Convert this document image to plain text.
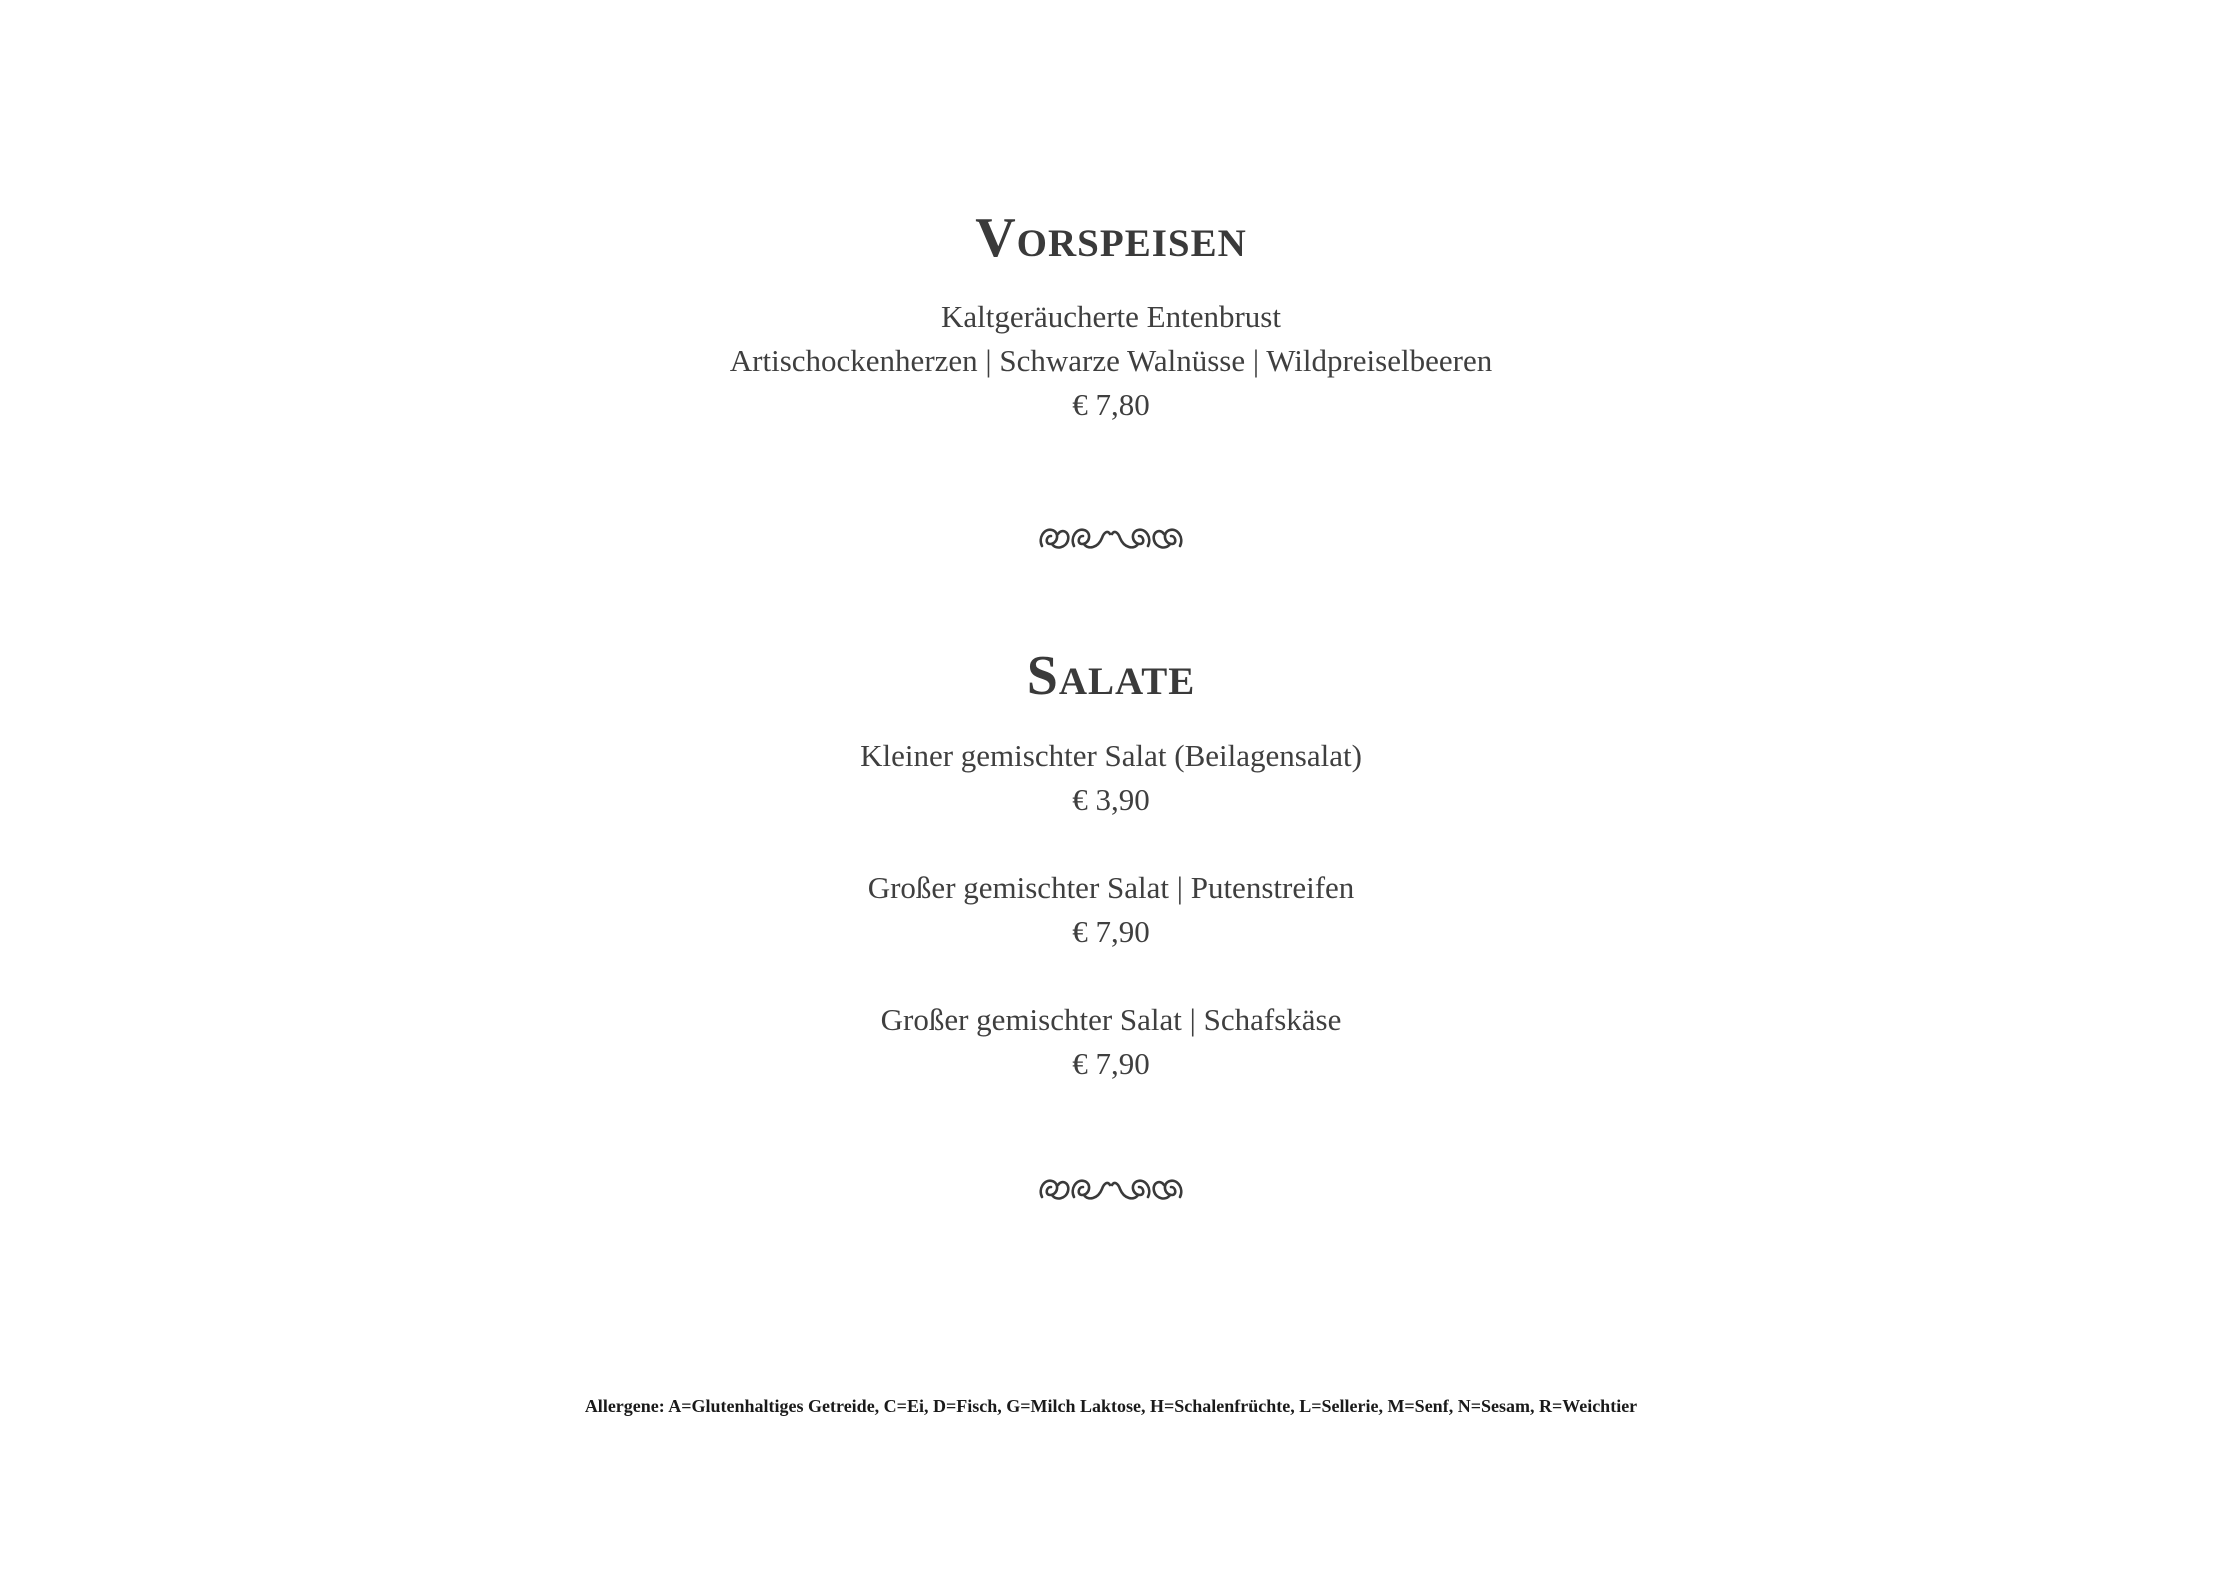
Vorspeisen

Kaltgeräucherte Entenbrust

Artischockenherzen | Schwarze Walnüsse | Wildpreiselbeeren

€ 7,80

Salate

Kleiner gemischter Salat (Beilagensalat)

€ 3,90

Großer gemischter Salat | Putenstreifen

€ 7,90

Großer gemischter Salat | Schafskäse

€ 7,90

Allergene: A=Glutenhaltiges Getreide, C=Ei, D=Fisch, G=Milch Laktose, H=Schalenfrüchte, L=Sellerie, M=Senf, N=Sesam, R=Weichtier
